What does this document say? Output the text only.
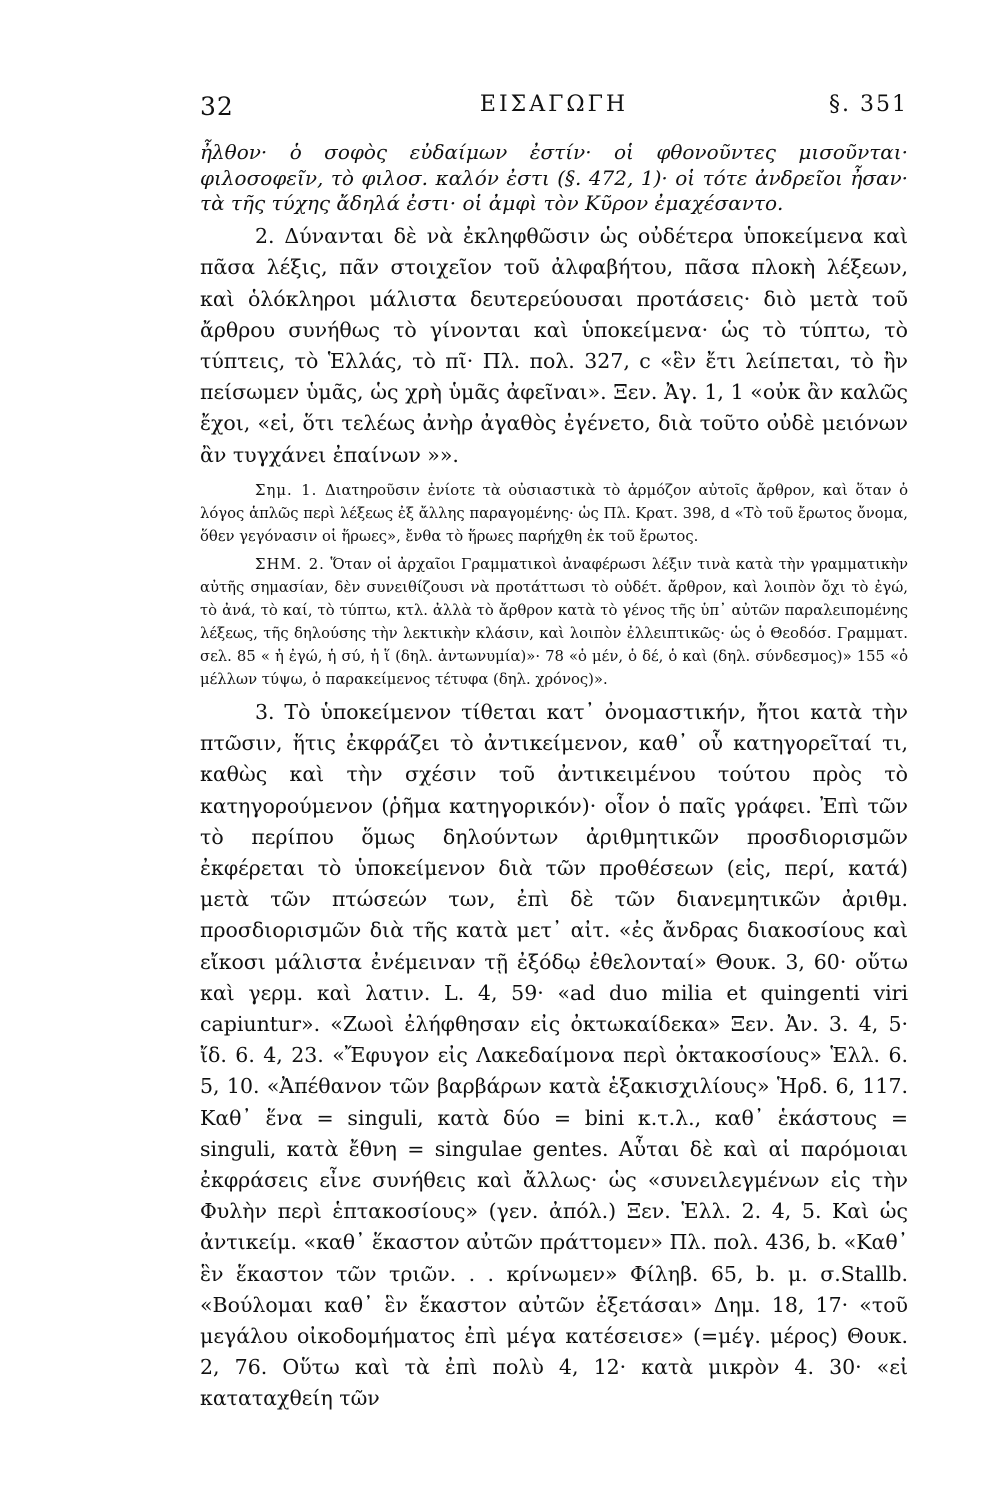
32	ΕΙΣΑΓΩΓΗ	§. 351

ἦλθον· ὁ σοφὸς εὐδαίμων ἐστίν· οἱ φθονοῦντες μισοῦνται· φιλοσοφεῖν, τὸ φιλοσ. καλόν ἐστι (§. 472, 1)· οἱ τότε ἀνδρεῖοι ἦσαν· τὰ τῆς τύχης ἄδηλά ἐστι· οἱ ἀμφὶ τὸν Κῦρον ἐμαχέσαντο.

2. Δύνανται δὲ νὰ ἐκληφθῶσιν ὡς οὐδέτερα ὑποκείμενα καὶ πᾶσα λέξις, πᾶν στοιχεῖον τοῦ ἀλφαβήτου, πᾶσα πλοκὴ λέξεων, καὶ ὁλόκληροι μάλιστα δευτερεύουσαι προτάσεις· διὸ μετὰ τοῦ ἄρθρου συνήθως τὸ γίνονται καὶ ὑποκείμενα· ὡς τὸ τύπτω, τὸ τύπτεις, τὸ Ἑλλάς, τὸ πῖ· Πλ. πολ. 327, c «ἓν ἔτι λείπεται, τὸ ἢν πείσωμεν ὑμᾶς, ὡς χρὴ ὑμᾶς ἀφεῖναι». Ξεν. Ἀγ. 1, 1 «οὐκ ἂν καλῶς ἔχοι, «εἰ, ὅτι τελέως ἀνὴρ ἀγαθὸς ἐγένετο, διὰ τοῦτο οὐδὲ μειόνων ἂν τυγχάνει ἐπαίνων »».

Σημ. 1. Διατηροῦσιν ἐνίοτε τὰ οὐσιαστικὰ τὸ ἁρμόζον αὐτοῖς ἄρθρον, καὶ ὅταν ὁ λόγος ἁπλῶς περὶ λέξεως ἐξ ἄλλης παραγομένης· ὡς Πλ. Κρατ. 398, d «Τὸ τοῦ ἔρωτος ὄνομα, ὅθεν γεγόνασιν οἱ ἥρωες», ἔνθα τὸ ἥρωες παρήχθη ἐκ τοῦ ἔρωτος.

ΣΗΜ. 2. Ὅταν οἱ ἀρχαῖοι Γραμματικοὶ ἀναφέρωσι λέξιν τινὰ κατὰ τὴν γραμματικὴν αὐτῆς σημασίαν, δὲν συνειθίζουσι νὰ προτάττωσι τὸ οὐδέτ. ἄρθρον, καὶ λοιπὸν ὄχι τὸ ἐγώ, τὸ ἀνά, τὸ καί, τὸ τύπτω, κτλ. ἀλλὰ τὸ ἄρθρον κατὰ τὸ γένος τῆς ὑπ᾿ αὐτῶν παραλειπομένης λέξεως, τῆς δηλούσης τὴν λεκτικὴν κλάσιν, καὶ λοιπὸν ἐλλειπτικῶς· ὡς ὁ Θεοδόσ. Γραμματ. σελ. 85 « ἡ ἐγώ, ἡ σύ, ἡ ἵ (δηλ. ἀντωνυμία)»· 78 «ὁ μέν, ὁ δέ, ὁ καὶ (δηλ. σύνδεσμος)» 155 «ὁ μέλλων τύψω, ὁ παρακείμενος τέτυφα (δηλ. χρόνος)».

3. Τὸ ὑποκείμενον τίθεται κατ᾿ ὀνομαστικήν, ἤτοι κατὰ τὴν πτῶσιν, ἥτις ἐκφράζει τὸ ἀντικείμενον, καθ᾿ οὗ κατηγορεῖταί τι, καθὼς καὶ τὴν σχέσιν τοῦ ἀντικειμένου τούτου πρὸς τὸ κατηγορούμενον (ῥῆμα κατηγορικόν)· οἷον ὁ παῖς γράφει. Ἐπὶ τῶν τὸ περίπου ὅμως δηλούντων ἀριθμητικῶν προσδιορισμῶν ἐκφέρεται τὸ ὑποκείμενον διὰ τῶν προθέσεων (εἰς, περί, κατά) μετὰ τῶν πτώσεών των, ἐπὶ δὲ τῶν διανεμητικῶν ἀριθμ. προσδιορισμῶν διὰ τῆς κατὰ μετ᾿ αἰτ. «ἐς ἄνδρας διακοσίους καὶ εἴκοσι μάλιστα ἐνέμειναν τῇ ἐξόδῳ ἐθελονταί» Θουκ. 3, 60· οὕτω καὶ γερμ. καὶ λατιν. L. 4, 59· «ad duo milia et quingenti viri capiuntur». «Ζωοὶ ἐλήφθησαν εἰς ὀκτωκαίδεκα» Ξεν. Ἀν. 3. 4, 5· ἴδ. 6. 4, 23. «Ἔφυγον εἰς Λακεδαίμονα περὶ ὀκτακοσίους» Ἑλλ. 6. 5, 10. «Ἀπέθανον τῶν βαρβάρων κατὰ ἑξακισχιλίους» Ἡρδ. 6, 117. Καθ᾿ ἕνα = singuli, κατὰ δύο = bini κ.τ.λ., καθ᾿ ἑκάστους = singuli, κατὰ ἔθνη = singulae gentes. Αὗται δὲ καὶ αἱ παρόμοιαι ἐκφράσεις εἶνε συνήθεις καὶ ἄλλως· ὡς «συνειλεγμένων εἰς τὴν Φυλὴν περὶ ἑπτακοσίους» (γεν. ἀπόλ.) Ξεν. Ἑλλ. 2. 4, 5. Καὶ ὡς ἀντικείμ. «καθ᾿ ἕκαστον αὐτῶν πράττομεν» Πλ. πολ. 436, b. «Καθ᾿ ἓν ἕκαστον τῶν τριῶν. . . κρίνωμεν» Φίληβ. 65, b. μ. σ.Stallb. «Βούλομαι καθ᾿ ἓν ἕκαστον αὐτῶν ἐξετάσαι» Δημ. 18, 17· «τοῦ μεγάλου οἰκοδομήματος ἐπὶ μέγα κατέσεισε» (=μέγ. μέρος) Θουκ. 2, 76. Οὕτω καὶ τὰ ἐπὶ πολὺ 4, 12· κατὰ μικρὸν 4. 30· «εἰ καταταχθείη τῶν
